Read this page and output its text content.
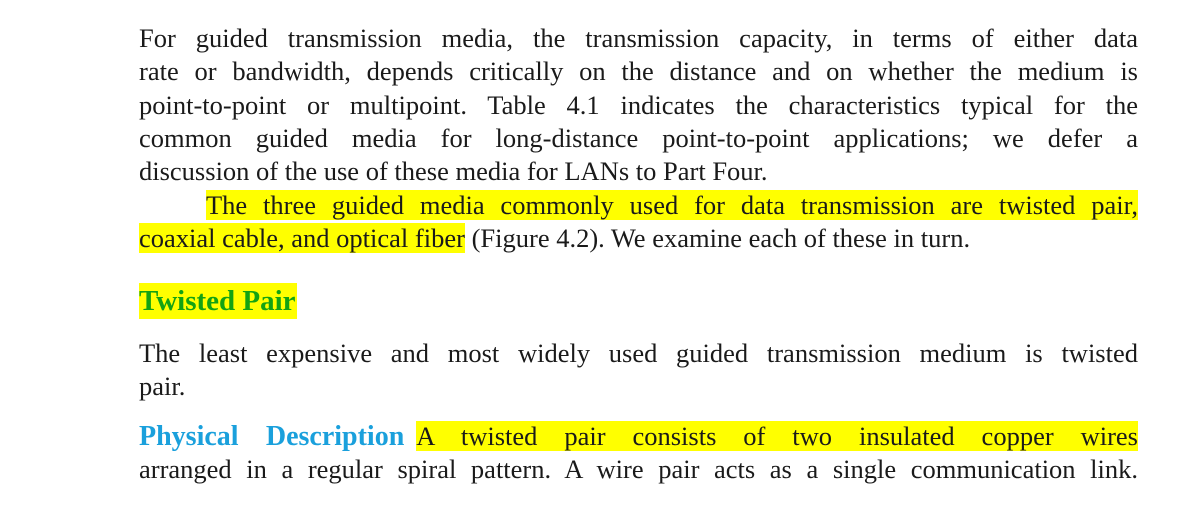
For guided transmission media, the transmission capacity, in terms of either data
rate or bandwidth, depends critically on the distance and on whether the medium is
point-to-point or multipoint. Table 4.1 indicates the characteristics typical for the
common guided media for long-distance point-to-point applications; we defer a
discussion of the use of these media for LANs to Part Four.
The three guided media commonly used for data transmission are twisted pair,
coaxial cable, and optical fiber (Figure 4.2). We examine each of these in turn.
Twisted Pair
The least expensive and most widely used guided transmission medium is twisted
pair.
Physical Description A twisted pair consists of two insulated copper wires
arranged in a regular spiral pattern. A wire pair acts as a single communication link.
